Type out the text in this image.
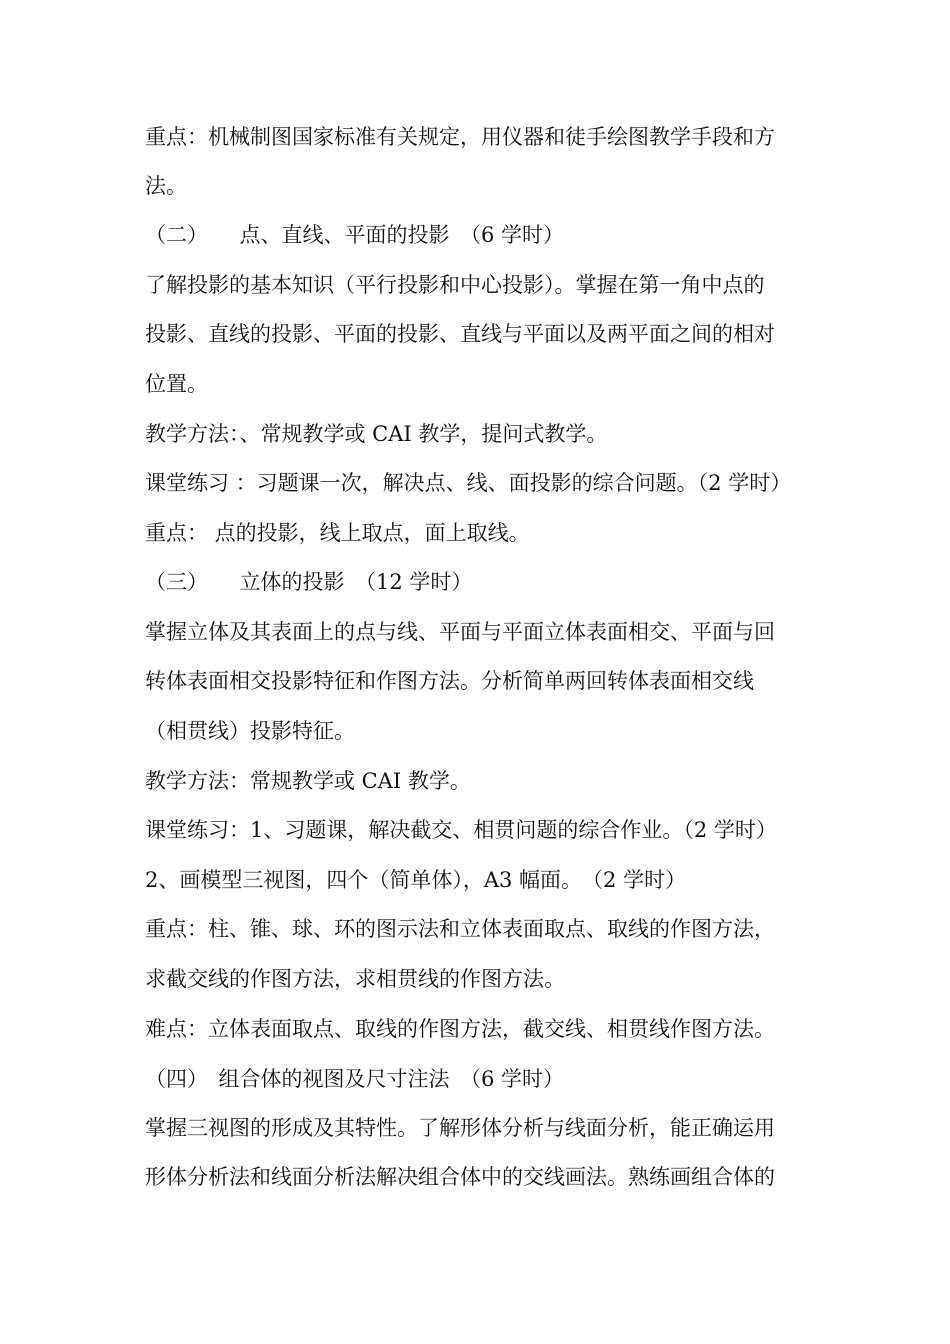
重点：机械制图国家标准有关规定，用仪器和徒手绘图教学手段和方
法。
（二）　　点、直线、平面的投影　（6 学时）
了解投影的基本知识（平行投影和中心投影）。掌握在第一角中点的
投影、直线的投影、平面的投影、直线与平面以及两平面之间的相对
位置。
教学方法：、常规教学或 CAI 教学，提问式教学。
课堂练习 ：习题课一次，解决点、线、面投影的综合问题。（2 学时）
重点： 点的投影，线上取点，面上取线。
（三）　　立体的投影　（12 学时）
掌握立体及其表面上的点与线、平面与平面立体表面相交、平面与回
转体表面相交投影特征和作图方法。分析简单两回转体表面相交线
（相贯线）投影特征。
教学方法：常规教学或 CAI 教学。
课堂练习：1、习题课，解决截交、相贯问题的综合作业。（2 学时）
2、画模型三视图，四个（简单体），A3 幅面。　（2 学时）
重点：柱、锥、球、环的图示法和立体表面取点、取线的作图方法，
求截交线的作图方法，求相贯线的作图方法。
难点：立体表面取点、取线的作图方法，截交线、相贯线作图方法。
（四）　组合体的视图及尺寸注法　（6 学时）
掌握三视图的形成及其特性。了解形体分析与线面分析，能正确运用
形体分析法和线面分析法解决组合体中的交线画法。熟练画组合体的
